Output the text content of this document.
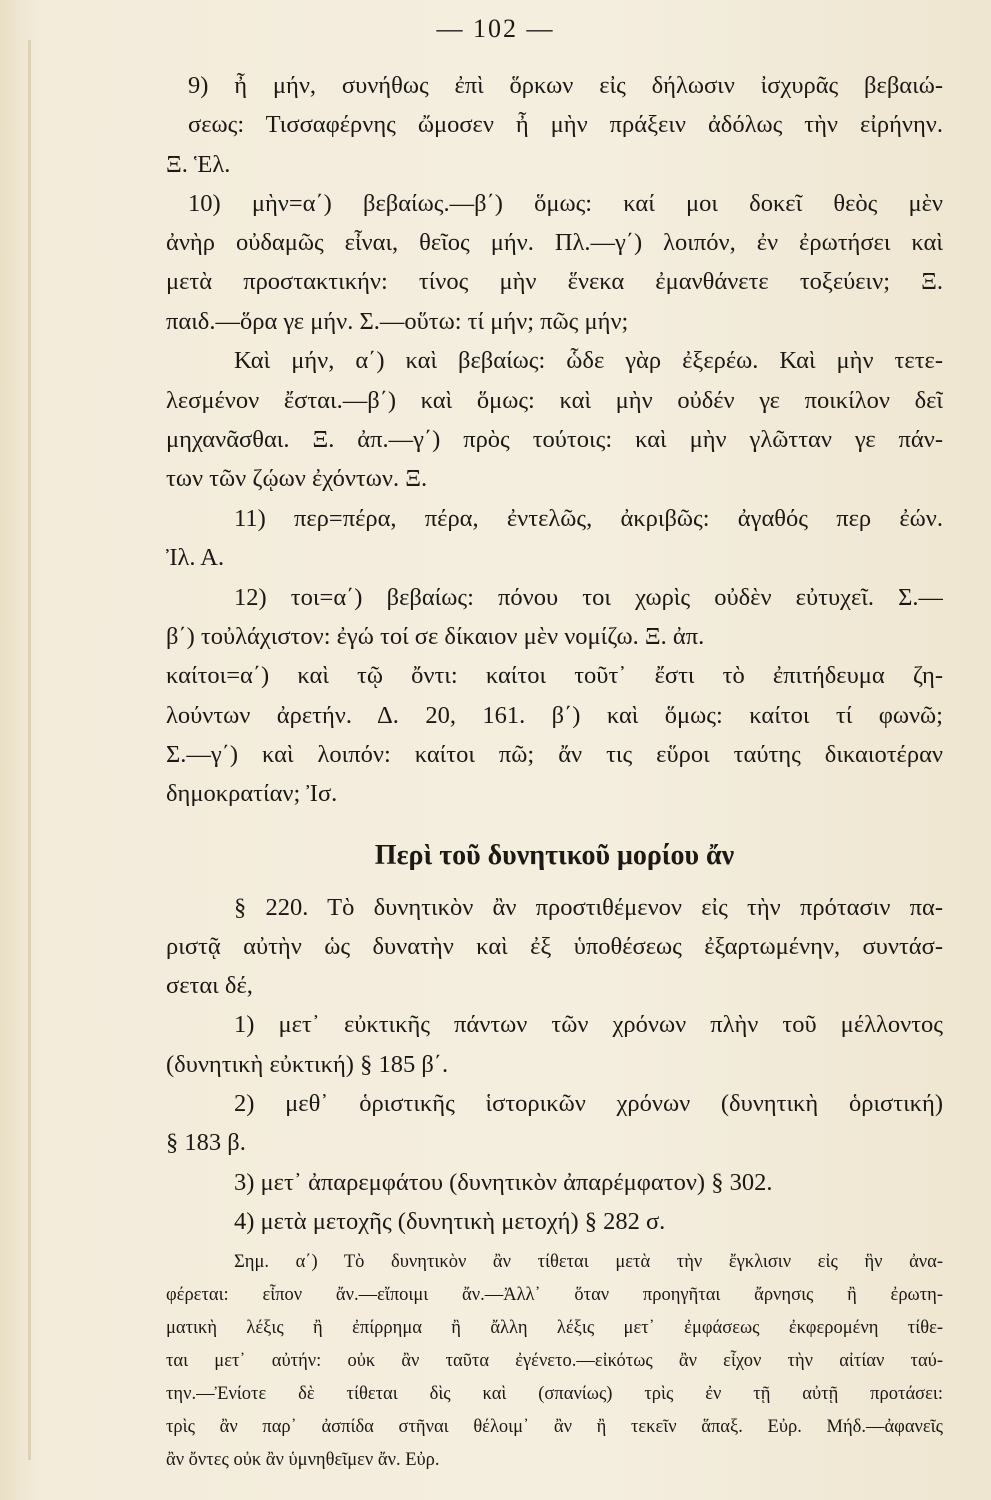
— 102 —
9) ἦ μήν, συνήθως ἐπὶ ὅρκων εἰς δήλωσιν ἰσχυρᾶς βεβαιώ-
σεως: Τισσαφέρνης ὤμοσεν ἦ μὴν πράξειν ἀδόλως τὴν εἰρήνην.
Ξ. Ἑλ.
10) μὴν=α΄) βεβαίως.—β΄) ὅμως: καί μοι δοκεῖ θεὸς μὲν
ἀνὴρ οὐδαμῶς εἶναι, θεῖος μήν. Πλ.—γ΄) λοιπόν, ἐν ἐρωτήσει καὶ
μετὰ προστακτικήν: τίνος μὴν ἕνεκα ἐμανθάνετε τοξεύειν; Ξ.
παιδ.—ὅρα γε μήν. Σ.—οὕτω: τί μήν; πῶς μήν;
Καὶ μήν, α΄) καὶ βεβαίως: ὧδε γὰρ ἐξερέω. Καὶ μὴν τετε-
λεσμένον ἔσται.—β΄) καὶ ὅμως: καὶ μὴν οὐδέν γε ποικίλον δεῖ
μηχανᾶσθαι. Ξ. ἀπ.—γ΄) πρὸς τούτοις: καὶ μὴν γλῶτταν γε πάν-
των τῶν ζῴων ἐχόντων. Ξ.
11) περ=πέρα, πέρα, ἐντελῶς, ἀκριβῶς: ἀγαθός περ ἐών.
Ἰλ. Α.
12) τοι=α΄) βεβαίως: πόνου τοι χωρὶς οὐδὲν εὐτυχεῖ. Σ.—
β΄) τοὐλάχιστον: ἐγώ τοί σε δίκαιον μὲν νομίζω. Ξ. ἀπ.
καίτοι=α΄) καὶ τῷ ὄντι: καίτοι τοῦτ᾽ ἔστι τὸ ἐπιτήδευμα ζη-
λούντων ἀρετήν. Δ. 20, 161. β΄) καὶ ὅμως: καίτοι τί φωνῶ;
Σ.—γ΄) καὶ λοιπόν: καίτοι πῶ; ἄν τις εὕροι ταύτης δικαιοτέραν
δημοκρατίαν; Ἰσ.
Περὶ τοῦ δυνητικοῦ μορίου ἄν
§ 220. Τὸ δυνητικὸν ἂν προστιθέμενον εἰς τὴν πρότασιν πα-
ριστᾷ αὐτὴν ὡς δυνατὴν καὶ ἐξ ὑποθέσεως ἐξαρτωμένην, συντάσ-
σεται δέ,
1) μετ᾽ εὐκτικῆς πάντων τῶν χρόνων πλὴν τοῦ μέλλοντος
(δυνητικὴ εὐκτική) § 185 β΄.
2) μεθ᾽ ὁριστικῆς ἱστορικῶν χρόνων (δυνητικὴ ὁριστική)
§ 183 β.
3) μετ᾽ ἀπαρεμφάτου (δυνητικὸν ἀπαρέμφατον) § 302.
4) μετὰ μετοχῆς (δυνητικὴ μετοχή) § 282 σ.
Σημ. α΄) Τὸ δυνητικὸν ἂν τίθεται μετὰ τὴν ἔγκλισιν εἰς ἣν ἀνα-
φέρεται: εἶπον ἄν.—εἴποιμι ἄν.—Ἀλλ᾽ ὅταν προηγῆται ἄρνησις ἢ ἐρωτη-
ματικὴ λέξις ἢ ἐπίρρημα ἢ ἄλλη λέξις μετ᾽ ἐμφάσεως ἐκφερομένη τίθε-
ται μετ᾽ αὐτήν: οὐκ ἂν ταῦτα ἐγένετο.—εἰκότως ἂν εἶχον τὴν αἰτίαν ταύ-
την.—Ἐνίοτε δὲ τίθεται δὶς καὶ (σπανίως) τρὶς ἐν τῇ αὐτῇ προτάσει:
τρὶς ἂν παρ᾽ ἀσπίδα στῆναι θέλοιμ᾽ ἂν ἢ τεκεῖν ἅπαξ. Εὐρ. Μήδ.—ἀφανεῖς
ἂν ὄντες οὐκ ἂν ὑμνηθεῖμεν ἄν. Εὐρ.
